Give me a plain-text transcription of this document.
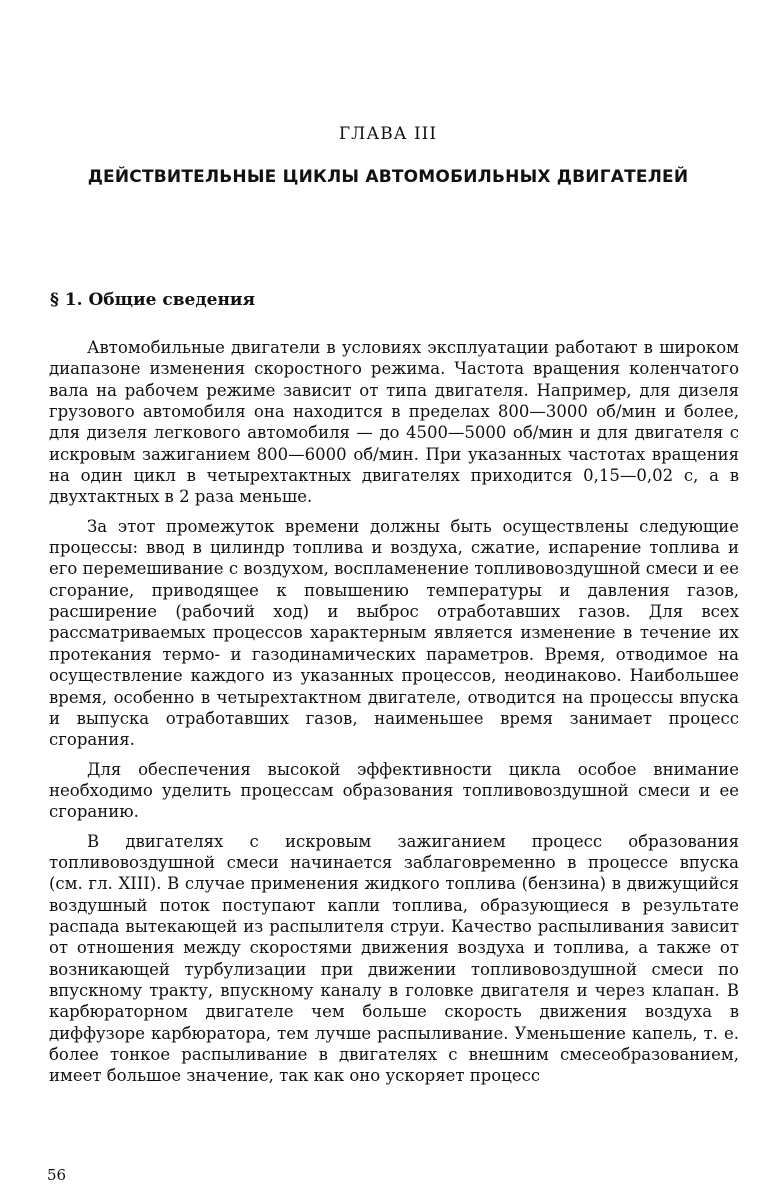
ГЛАВА III
ДЕЙСТВИТЕЛЬНЫЕ ЦИКЛЫ АВТОМОБИЛЬНЫХ ДВИГАТЕЛЕЙ
§ 1. Общие сведения

Автомобильные двигатели в условиях эксплуатации работают в широком диапазоне изменения скоростного режима. Частота вращения коленчатого вала на рабочем режиме зависит от типа двигателя. Например, для дизеля грузового автомобиля она находится в пределах 800—3000 об/мин и более, для дизеля легкового автомобиля — до 4500—5000 об/мин и для двигателя с искровым зажиганием 800—6000 об/мин. При указанных частотах вращения на один цикл в четырехтактных двигателях приходится 0,15—0,02 с, а в двухтактных в 2 раза меньше.

За этот промежуток времени должны быть осуществлены следующие процессы: ввод в цилиндр топлива и воздуха, сжатие, испарение топлива и его перемешивание с воздухом, воспламенение топливовоздушной смеси и ее сгорание, приводящее к повышению температуры и давления газов, расширение (рабочий ход) и выброс отработавших газов. Для всех рассматриваемых процессов характерным является изменение в течение их протекания термо- и газодинамических параметров. Время, отводимое на осуществление каждого из указанных процессов, неодинаково. Наибольшее время, особенно в четырехтактном двигателе, отводится на процессы впуска и выпуска отработавших газов, наименьшее время занимает процесс сгорания.

Для обеспечения высокой эффективности цикла особое внимание необходимо уделить процессам образования топливовоздушной смеси и ее сгоранию.

В двигателях с искровым зажиганием процесс образования топливовоздушной смеси начинается заблаговременно в процессе впуска (см. гл. XIII). В случае применения жидкого топлива (бензина) в движущийся воздушный поток поступают капли топлива, образующиеся в результате распада вытекающей из распылителя струи. Качество распыливания зависит от отношения между скоростями движения воздуха и топлива, а также от возникающей турбулизации при движении топливовоздушной смеси по впускному тракту, впускному каналу в головке двигателя и через клапан. В карбюраторном двигателе чем больше скорость движения воздуха в диффузоре карбюратора, тем лучше распыливание. Уменьшение капель, т. е. более тонкое распыливание в двигателях с внешним смесеобразованием, имеет большое значение, так как оно ускоряет процесс

56
